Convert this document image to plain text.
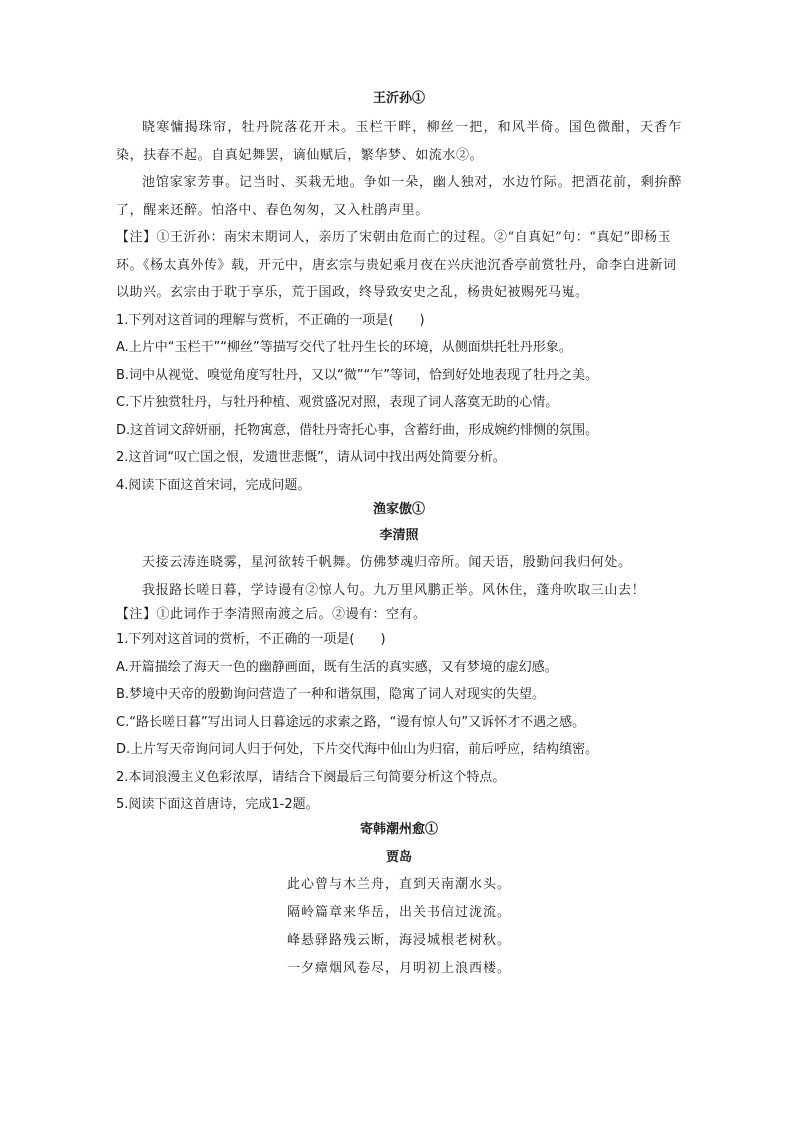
王沂孙①
晓寒慵揭珠帘，牡丹院落花开未。玉栏干畔，柳丝一把，和风半倚。国色微酣，天香乍染，扶春不起。自真妃舞罢，谪仙赋后，繁华梦、如流水②。
池馆家家芳事。记当时、买栽无地。争如一朵，幽人独对，水边竹际。把酒花前，剩拚醉了，醒来还醉。怕洛中、春色匆匆，又入杜鹃声里。
【注】①王沂孙：南宋末期词人，亲历了宋朝由危而亡的过程。②“自真妃”句：“真妃”即杨玉环。《杨太真外传》载，开元中，唐玄宗与贵妃乘月夜在兴庆池沉香亭前赏牡丹，命李白进新词以助兴。玄宗由于耽于享乐，荒于国政，终导致安史之乱，杨贵妃被赐死马嵬。
1.下列对这首词的理解与赏析，不正确的一项是(　　)
A.上片中“玉栏干”“柳丝”等描写交代了牡丹生长的环境，从侧面烘托牡丹形象。
B.词中从视觉、嗅觉角度写牡丹，又以“微”“乍”等词，恰到好处地表现了牡丹之美。
C.下片独赏牡丹，与牡丹种植、观赏盛况对照，表现了词人落寞无助的心情。
D.这首词文辞妍丽，托物寓意，借牡丹寄托心事，含蓄纡曲，形成婉约悱恻的氛围。
2.这首词“叹亡国之恨，发遗世悲慨”，请从词中找出两处简要分析。
4.阅读下面这首宋词，完成问题。
渔家傲①
李清照
天接云涛连晓雾，星河欲转千帆舞。仿佛梦魂归帝所。闻天语，殷勤问我归何处。
我报路长嗟日暮，学诗谩有②惊人句。九万里风鹏正举。风休住，蓬舟吹取三山去！
【注】①此词作于李清照南渡之后。②谩有：空有。
1.下列对这首词的赏析，不正确的一项是(　　)
A.开篇描绘了海天一色的幽静画面，既有生活的真实感，又有梦境的虚幻感。
B.梦境中天帝的殷勤询问营造了一种和谐氛围，隐寓了词人对现实的失望。
C.“路长嗟日暮”写出词人日暮途远的求索之路，“谩有惊人句”又诉怀才不遇之感。
D.上片写天帝询问词人归于何处，下片交代海中仙山为归宿，前后呼应，结构缜密。
2.本词浪漫主义色彩浓厚，请结合下阕最后三句简要分析这个特点。
5.阅读下面这首唐诗，完成1-2题。
寄韩潮州愈①
贾岛
此心曾与木兰舟，直到天南潮水头。
隔岭篇章来华岳，出关书信过泷流。
峰悬驿路残云断，海浸城根老树秋。
一夕瘴烟风卷尽，月明初上浪西楼。
